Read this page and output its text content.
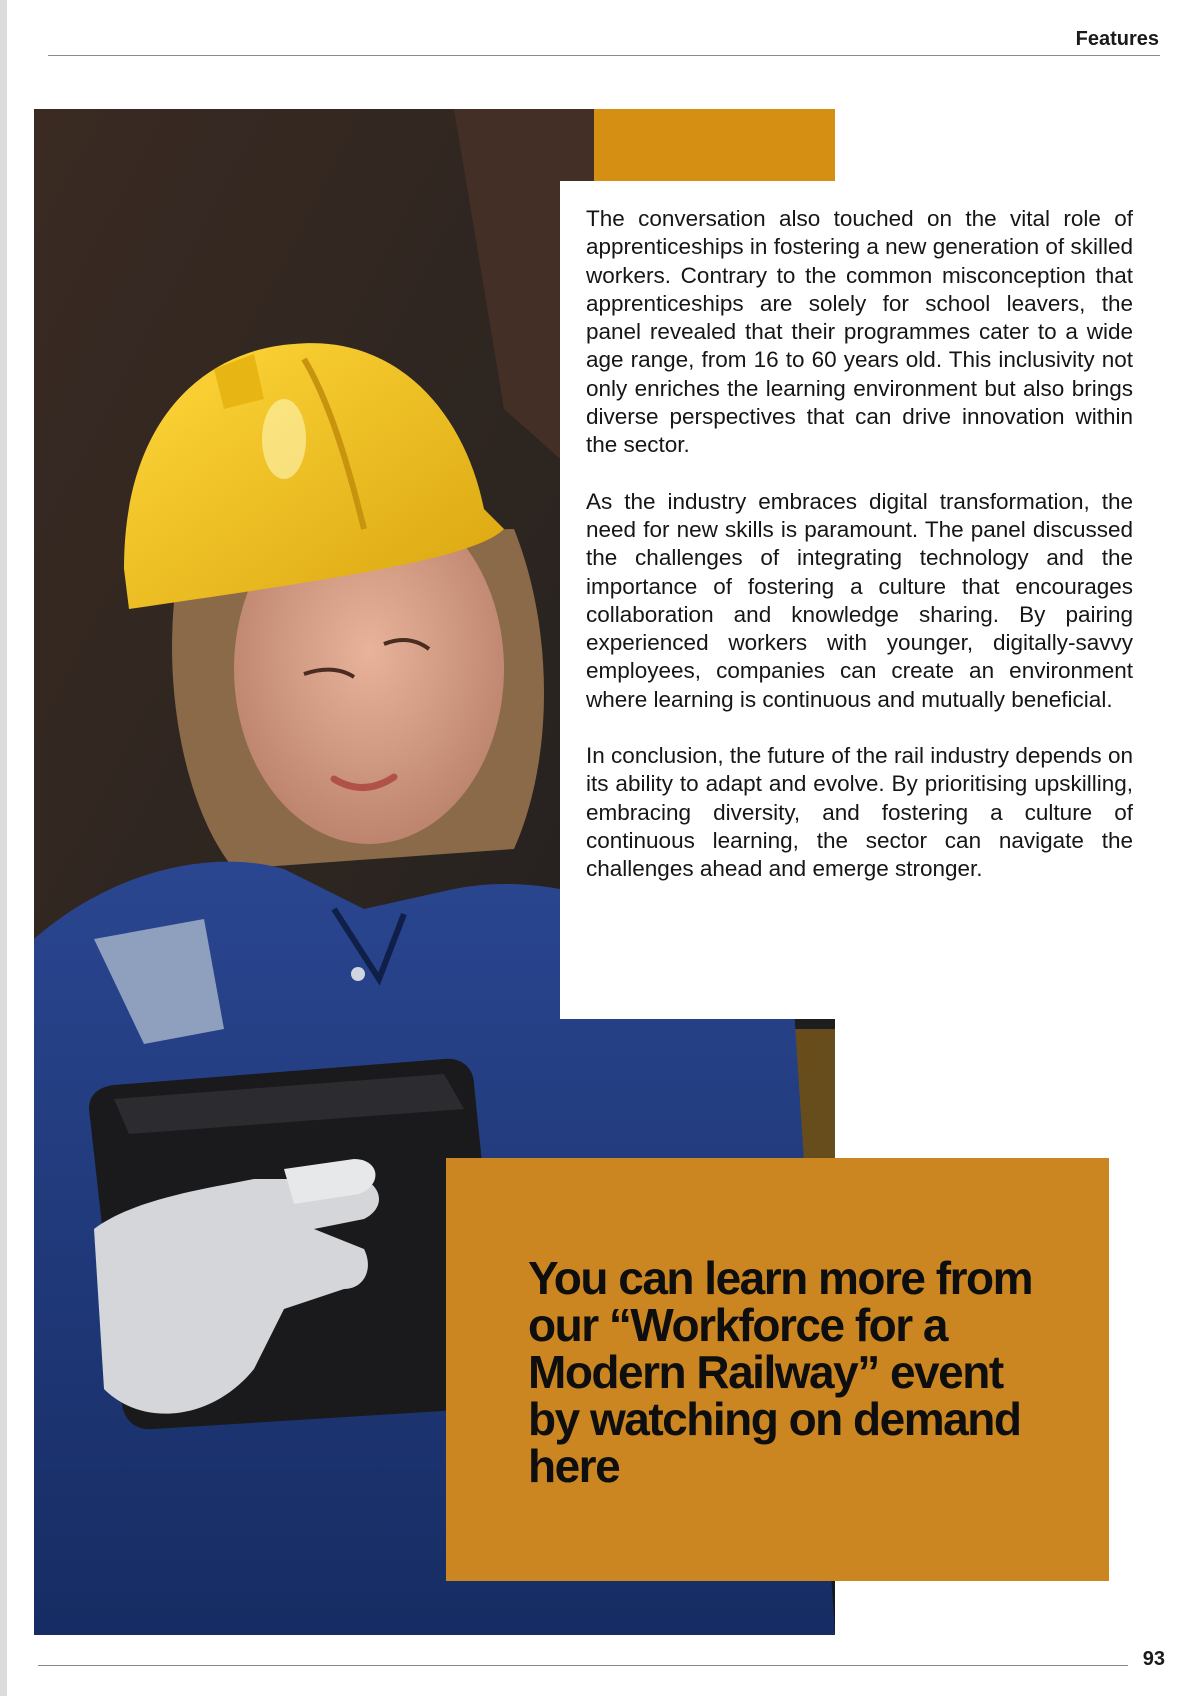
Features

The conversation also touched on the vital role of apprenticeships in fostering a new generation of skilled workers. Contrary to the common misconception that apprenticeships are solely for school leavers, the panel revealed that their programmes cater to a wide age range, from 16 to 60 years old. This inclusivity not only enriches the learning environment but also brings diverse perspectives that can drive innovation within the sector.

As the industry embraces digital transformation, the need for new skills is paramount. The panel discussed the challenges of integrating technology and the importance of fostering a culture that encourages collaboration and knowledge sharing. By pairing experienced workers with younger, digitally-savvy employees, companies can create an environment where learning is continuous and mutually beneficial.

In conclusion, the future of the rail industry depends on its ability to adapt and evolve. By prioritising upskilling, embracing diversity, and fostering a culture of continuous learning, the sector can navigate the challenges ahead and emerge stronger.

You can learn more from our “Workforce for a Modern Railway” event by watching on demand here
93
